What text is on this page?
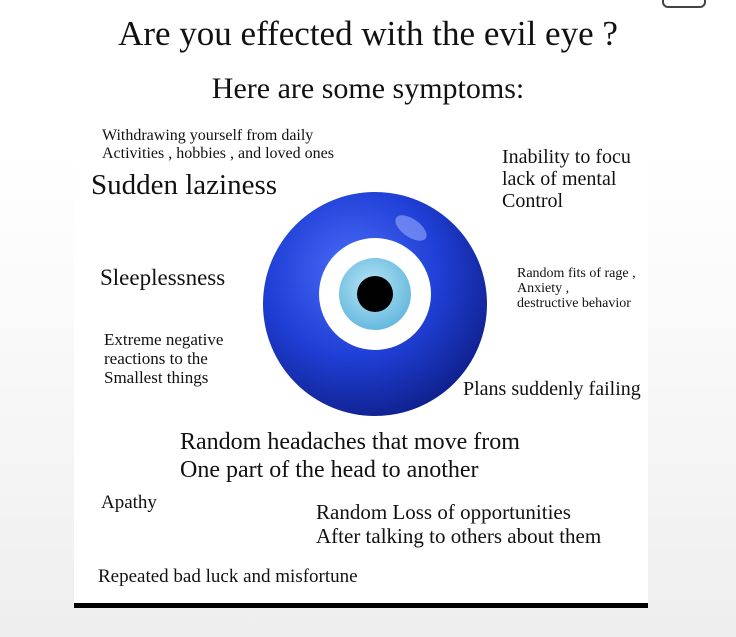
Are you effected with the evil eye ?
Here are some symptoms:
Withdrawing yourself from daily
Activities , hobbies , and loved ones
Sudden laziness
Inability to focu
lack of mental
Control
Sleeplessness	Random fits of rage ,
Anxiety ,
destructive behavior
Extreme negative
reactions to the
Smallest things
Plans suddenly failing
Random headaches that move from
One part of the head to another
Apathy	Random Loss of opportunities
After talking to others about them
Repeated bad luck and misfortune
